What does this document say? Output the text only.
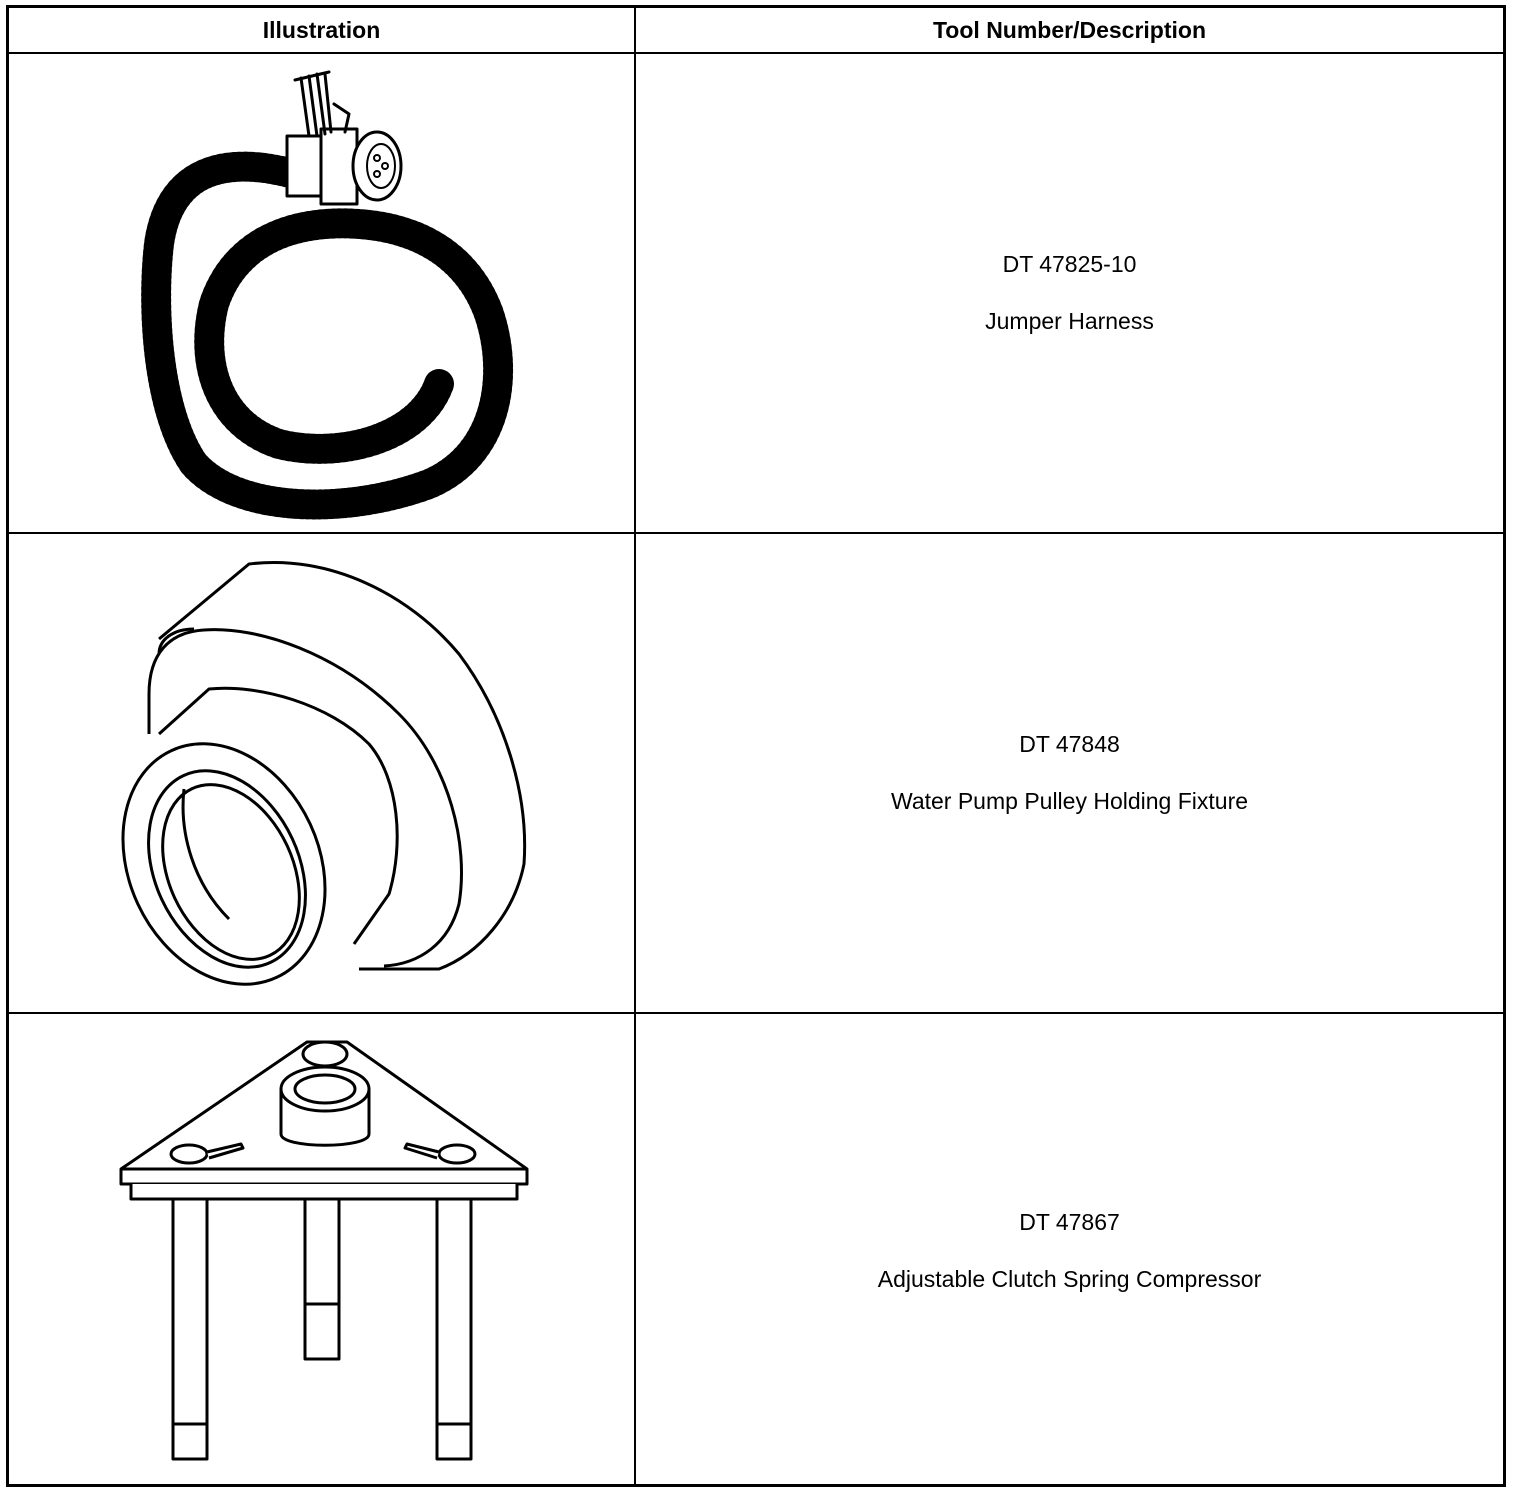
Illustration	Tool Number/Description
DT 47825-10
Jumper Harness
DT 47848
Water Pump Pulley Holding Fixture
DT 47867
Adjustable Clutch Spring Compressor
